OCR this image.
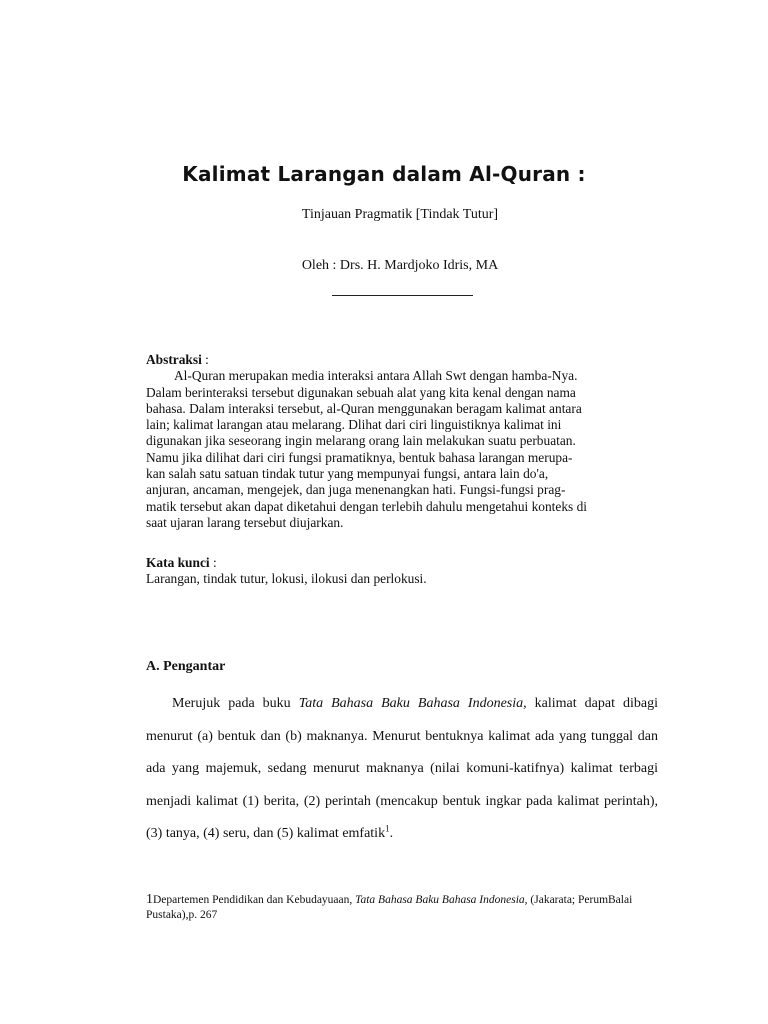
Kalimat Larangan dalam Al-Quran :
Tinjauan Pragmatik [Tindak Tutur]
Oleh : Drs. H. Mardjoko Idris, MA
Abstraksi :
Al-Quran merupakan media interaksi antara Allah Swt dengan hamba-Nya.
Dalam berinteraksi tersebut digunakan sebuah alat yang kita kenal dengan nama
bahasa. Dalam interaksi tersebut, al-Quran menggunakan beragam kalimat antara
lain; kalimat larangan atau melarang. Dlihat dari ciri linguistiknya kalimat ini
digunakan jika seseorang ingin melarang orang lain melakukan suatu perbuatan.
Namu jika dilihat dari ciri fungsi pramatiknya, bentuk bahasa larangan merupa-
kan salah satu satuan tindak tutur yang mempunyai fungsi, antara lain do'a,
anjuran, ancaman, mengejek, dan juga menenangkan hati. Fungsi-fungsi prag-
matik tersebut akan dapat diketahui dengan terlebih dahulu mengetahui konteks di
saat ujaran larang tersebut diujarkan.
Kata kunci :
Larangan, tindak tutur, lokusi, ilokusi dan perlokusi.
A. Pengantar
Merujuk pada buku Tata Bahasa Baku Bahasa Indonesia, kalimat dapat dibagi menurut (a) bentuk dan (b) maknanya. Menurut bentuknya kalimat ada yang tunggal dan ada yang majemuk, sedang menurut maknanya (nilai komuni-katifnya) kalimat terbagi menjadi kalimat (1) berita, (2) perintah (mencakup bentuk ingkar pada kalimat perintah), (3) tanya, (4) seru, dan (5) kalimat emfatik$^1$.
1Departemen Pendidikan dan Kebudayuaan, Tata Bahasa Baku Bahasa Indonesia, (Jakarata; PerumBalai Pustaka),p. 267
